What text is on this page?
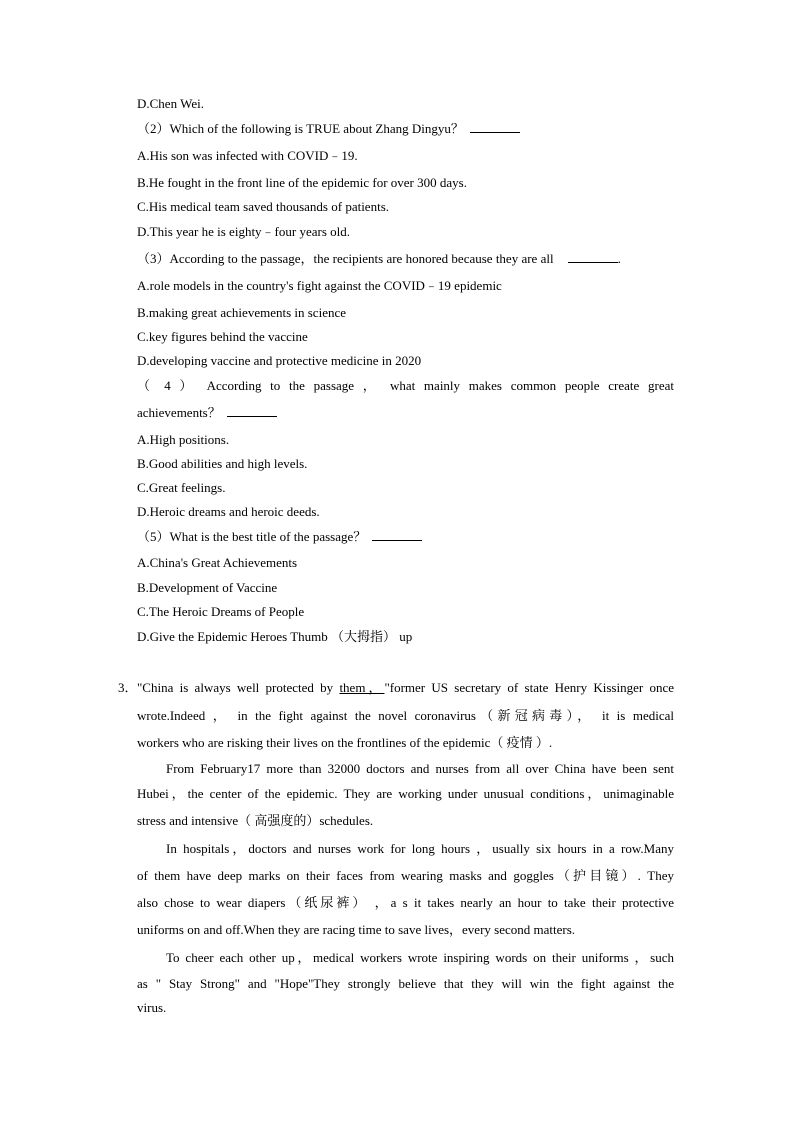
D.Chen Wei.
（2）Which of the following is TRUE about Zhang Dingyu？
A.His son was infected with COVID﹣19.
B.He fought in the front line of the epidemic for over 300 days.
C.His medical team saved thousands of patients.
D.This year he is eighty﹣four years old.
（3）According to the passage，the recipients are honored because they are all	.
A.role models in the country's fight against the COVID﹣19 epidemic
B.making great achievements in science
C.key figures behind the vaccine
D.developing vaccine and protective medicine in 2020
（ 4 ） According to the passage ， what mainly makes common people create great
achievements？
A.High positions.
B.Good abilities and high levels.
C.Great feelings.
D.Heroic dreams and heroic deeds.
（5）What is the best title of the passage？
A.China's Great Achievements
B.Development of Vaccine
C.The Heroic Dreams of People
D.Give the Epidemic Heroes Thumb （大拇指） up
3． "China is always well protected by them，"former US secretary of state Henry Kissinger once
wrote.Indeed ， in the fight against the novel coronavirus（新冠病毒）， it is medical
workers who are risking their lives on the frontlines of the epidemic（ 疫情 ）.
From February17 more than 32000 doctors and nurses from all over China have been sent
Hubei，the center of the epidemic. They are working under unusual conditions，unimaginable
stress and intensive（ 高强度的）schedules.
In hospitals，doctors and nurses work for long hours ，usually six hours in a row.Many
of them have deep marks on their faces from wearing masks and goggles（护目镜）. They
also chose to wear diapers（纸尿裤） ，a s it takes nearly an hour to take their protective
uniforms on and off.When they are racing time to save lives，every second matters.
To cheer each other up，medical workers wrote inspiring words on their uniforms ，such
as " Stay Strong" and "Hope"They strongly believe that they will win the fight against the
virus.
